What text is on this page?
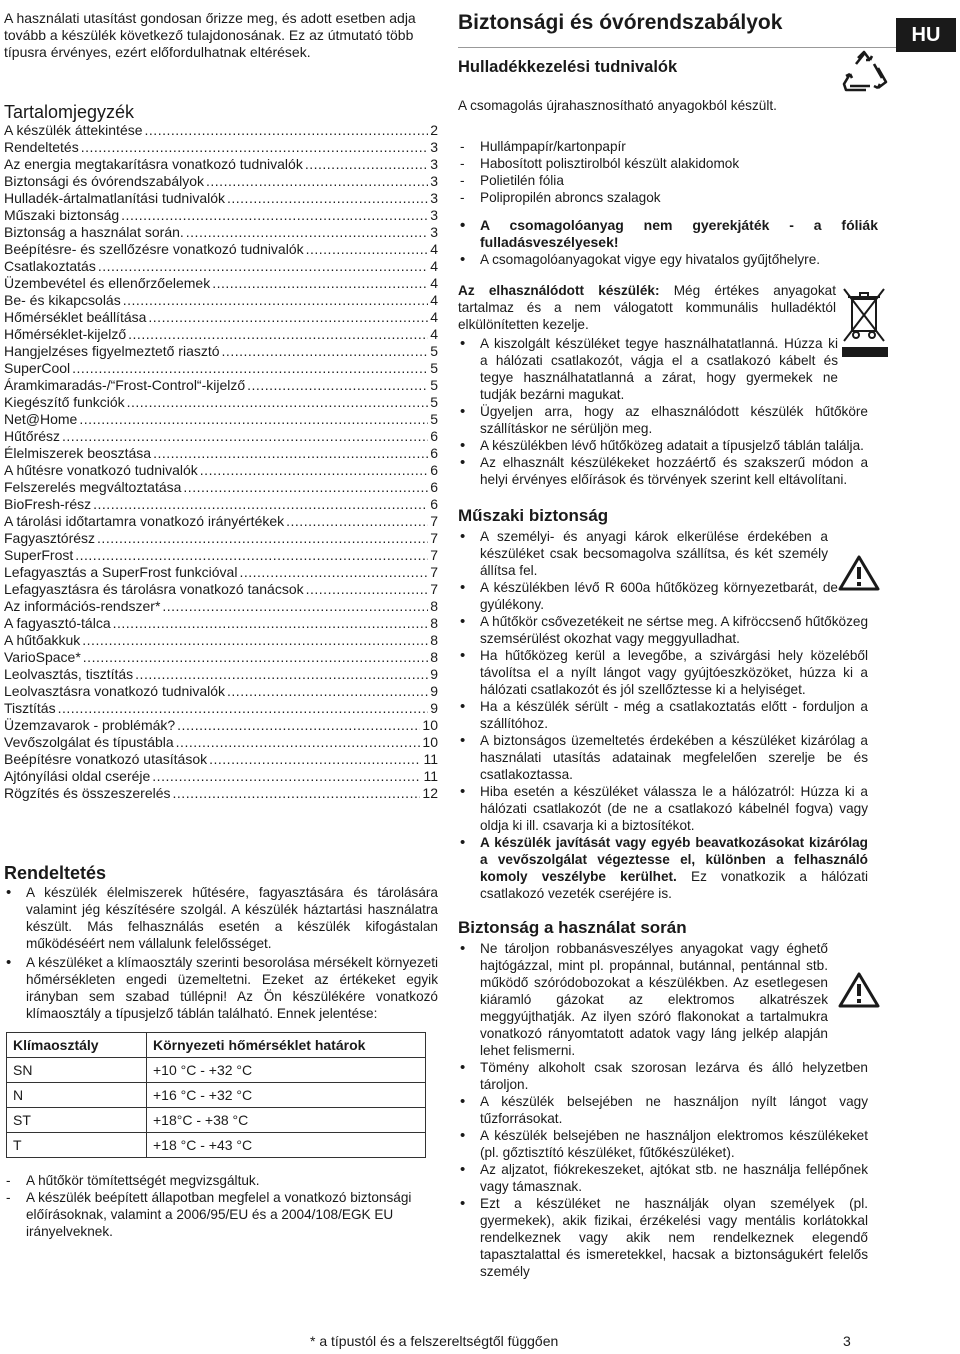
A használati utasítást gondosan őrizze meg, és adott esetben adja tovább a készülék következő tulajdonosának. Ez az útmutató több típusra érvényes, ezért előfordulhatnak eltérések.

Tartalomjegyzék
A készülék áttekintése .....	2
Rendeltetés .....	3
Az energia megtakarításra vonatkozó tudnivalók .....	3
Biztonsági és óvórendszabályok .....	3
Hulladék-ártalmatlanítási tudnivalók .....	3
Műszaki biztonság .....	3
Biztonság a használat során. .....	3
Beépítésre- és szellőzésre vonatkozó tudnivalók .....	4
Csatlakoztatás .....	4
Üzembevétel és ellenőrzőelemek .....	4
Be- és kikapcsolás .....	4
Hőmérséklet beállítása .....	4
Hőmérséklet-kijelző .....	4
Hangjelzéses figyelmeztető riasztó .....	5
SuperCool .....	5
Áramkimaradás-/“Frost-Control“-kijelző .....	5
Kiegészítő funkciók .....	5
Net@Home .....	5
Hűtőrész .....	6
Élelmiszerek beosztása .....	6
A hűtésre vonatkozó tudnivalók .....	6
Felszerelés megváltoztatása .....	6
BioFresh-rész .....	6
A tárolási időtartamra vonatkozó irányértékek .....	7
Fagyasztórész .....	7
SuperFrost .....	7
Lefagyasztás a SuperFrost funkcióval .....	7
Lefagyasztásra és tárolásra vonatkozó tanácsok .....	7
Az információs-rendszer* .....	8
A fagyasztó-tálca .....	8
A hűtőakkuk .....	8
VarioSpace* .....	8
Leolvasztás, tisztítás .....	9
Leolvasztásra vonatkozó tudnivalók .....	9
Tisztítás .....	9
Üzemzavarok - problémák? .....	10
Vevőszolgálat és típustábla .....	10
Beépítésre vonatkozó utasítások .....	11
Ajtónyílási oldal cseréje .....	11
Rögzítés és összeszerelés .....	12
Rendeltetés
• A készülék élelmiszerek hűtésére, fagyasztására és tárolására valamint jég készítésére szolgál. A készülék háztartási használatra készült. Más felhasználás esetén a készülék kifogástalan működéséért nem vállalunk felelősséget.
• A készüléket a klímaosztály szerinti besorolása mérsékelt környezeti hőmérsékleten engedi üzemeltetni. Ezeket az értékeket egyik irányban sem szabad túllépni! Az Ön készülékére vonatkozó klímaosztály a típusjelző táblán található. Ennek jelentése:
Klímaosztály	Környezeti hőmérséklet határok
SN	+10 °C - +32 °C
N	+16 °C - +32 °C
ST	+18°C - +38 °C
T	+18 °C - +43 °C
- A hűtőkör tömítettségét megvizsgáltuk.
- A készülék beépített állapotban megfelel a vonatkozó biztonsági előírásoknak, valamint a 2006/95/EU és a 2004/108/EGK EU irányelveknek.
HU
Biztonsági és óvórendszabályok
Hulladékkezelési tudnivalók

A csomagolás újrahasznosítható anyagokból készült.

- Hullámpapír/kartonpapír
- Habosított polisztirolból készült alakidomok
- Polietilén fólia
- Polipropilén abroncs szalagok
• A csomagolóanyag nem gyerekjáték - a fóliák fulladásveszélyesek!
• A csomagolóanyagokat vigye egy hivatalos gyűjtőhelyre.

Az elhasználódott készülék: Még értékes anyagokat tartalmaz és a nem válogatott kommunális hulladéktól elkülönítetten kezelje.

• A kiszolgált készüléket tegye használhatatlanná. Húzza ki a hálózati csatlakozót, vágja el a csatlakozó kábelt és tegye használhatatlanná a zárat, hogy gyermekek ne tudják bezárni magukat.
• Ügyeljen arra, hogy az elhasználódott készülék hűtőköre szállításkor ne sérüljön meg.
• A készülékben lévő hűtőközeg adatait a típusjelző táblán találja.
• Az elhasznált készülékeket hozzáértő és szakszerű módon a helyi érvényes előírások és törvények szerint kell eltávolítani.
Műszaki biztonság
• A személyi- és anyagi károk elkerülése érdekében a készüléket csak becsomagolva szállítsa, és két személy állítsa fel.
• A készülékben lévő R 600a hűtőközeg környezetbarát, de gyúlékony.
• A hűtőkör csővezetékeit ne sértse meg. A kifröccsenő hűtőközeg szemsérülést okozhat vagy meggyulladhat.
• Ha hűtőközeg kerül a levegőbe, a szivárgási hely közeléből távolítsa el a nyílt lángot vagy gyújtóeszközöket, húzza ki a hálózati csatlakozót és jól szellőztesse ki a helyiséget.
• Ha a készülék sérült - még a csatlakoztatás előtt - forduljon a szállítóhoz.
• A biztonságos üzemeltetés érdekében a készüléket kizárólag a használati utasítás adatainak megfelelően szerelje be és csatlakoztassa.
• Hiba esetén a készüléket válassza le a hálózatról: Húzza ki a hálózati csatlakozót (de ne a csatlakozó kábelnél fogva) vagy oldja ki ill. csavarja ki a biztosítékot.
• A készülék javítását vagy egyéb beavatkozásokat kizárólag a vevőszolgálat végeztesse el, különben a felhasználó komoly veszélybe kerülhet. Ez vonatkozik a hálózati csatlakozó vezeték cseréjére is.
Biztonság a használat során
• Ne tároljon robbanásveszélyes anyagokat vagy éghető hajtógázzal, mint pl. propánnal, butánnal, pentánnal stb. működő szóródobozokat a készülékben. Az esetlegesen kiáramló gázokat az elektromos alkatrészek meggyújthatják. Az ilyen szóró flakonokat a tartalmukra vonatkozó rányomtatott adatok vagy láng jelkép alapján lehet felismerni.
• Tömény alkoholt csak szorosan lezárva és álló helyzetben tároljon.
• A készülék belsejében ne használjon nyílt lángot vagy tűzforrásokat.
• A készülék belsejében ne használjon elektromos készülékeket (pl. gőztisztító készüléket, fűtőkészüléket).
• Az aljzatot, fiókrekeszeket, ajtókat stb. ne használja fellépőnek vagy támasznak.
• Ezt a készüléket ne használják olyan személyek (pl. gyermekek), akik fizikai, érzékelési vagy mentális korlátokkal rendelkeznek vagy akik nem rendelkeznek elegendő tapasztalattal és ismeretekkel, hacsak a biztonságukért felelős személy
* a típustól és a felszereltségtől függően	3
